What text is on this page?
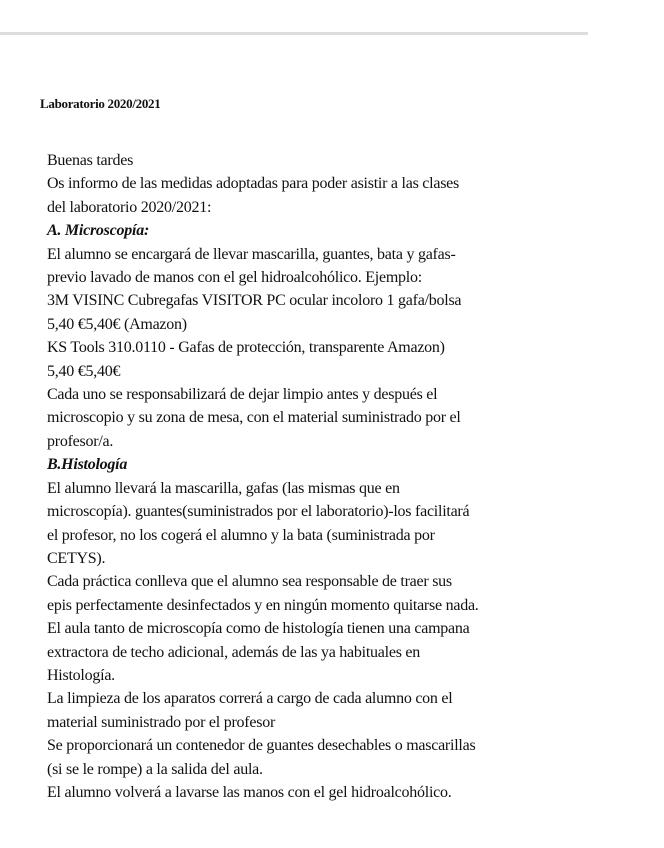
Laboratorio 2020/2021
Buenas tardes
Os informo de las medidas adoptadas para poder asistir a las clases
del laboratorio 2020/2021:
A. Microscopía:
El alumno se encargará de llevar mascarilla, guantes, bata y gafas-
previo lavado de manos con el gel hidroalcohólico. Ejemplo:
3M VISINC Cubregafas VISITOR PC ocular incoloro 1 gafa/bolsa
5,40 €5,40€ (Amazon)
KS Tools 310.0110 - Gafas de protección, transparente Amazon)
5,40 €5,40€
Cada uno se responsabilizará de dejar limpio antes y después el
microscopio y su zona de mesa, con el material suministrado por el
profesor/a.
B.Histología
El alumno llevará la mascarilla, gafas (las mismas que en
microscopía). guantes(suministrados por el laboratorio)-los facilitará
el profesor, no los cogerá el alumno y la bata (suministrada por
CETYS).
Cada práctica conlleva que el alumno sea responsable de traer sus
epis perfectamente desinfectados y en ningún momento quitarse nada.
El aula tanto de microscopía como de histología tienen una campana
extractora de techo adicional, además de las ya habituales en
Histología.
La limpieza de los aparatos correrá a cargo de cada alumno con el
material suministrado por el profesor
Se proporcionará un contenedor de guantes desechables o mascarillas
(si se le rompe) a la salida del aula.
El alumno volverá a lavarse las manos con el gel hidroalcohólico.
